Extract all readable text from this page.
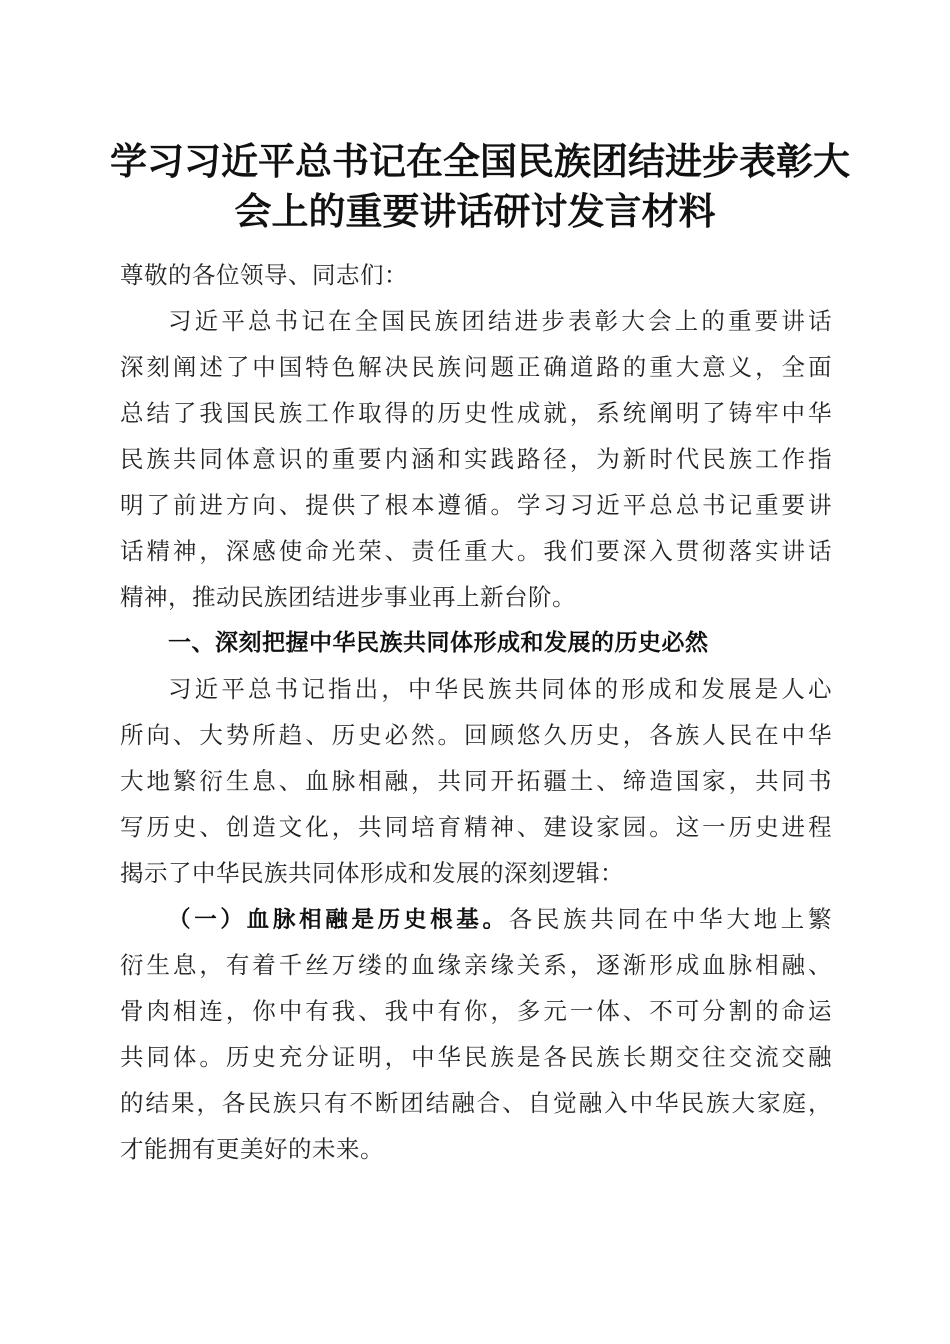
学习习近平总书记在全国民族团结进步表彰大
会上的重要讲话研讨发言材料
尊敬的各位领导、同志们：
习近平总书记在全国民族团结进步表彰大会上的重要讲话
深刻阐述了中国特色解决民族问题正确道路的重大意义，全面
总结了我国民族工作取得的历史性成就，系统阐明了铸牢中华
民族共同体意识的重要内涵和实践路径，为新时代民族工作指
明了前进方向、提供了根本遵循。学习习近平总总书记重要讲
话精神，深感使命光荣、责任重大。我们要深入贯彻落实讲话
精神，推动民族团结进步事业再上新台阶。
一、深刻把握中华民族共同体形成和发展的历史必然
习近平总书记指出，中华民族共同体的形成和发展是人心
所向、大势所趋、历史必然。回顾悠久历史，各族人民在中华
大地繁衍生息、血脉相融，共同开拓疆土、缔造国家，共同书
写历史、创造文化，共同培育精神、建设家园。这一历史进程
揭示了中华民族共同体形成和发展的深刻逻辑：
（一）血脉相融是历史根基。各民族共同在中华大地上繁
衍生息，有着千丝万缕的血缘亲缘关系，逐渐形成血脉相融、
骨肉相连，你中有我、我中有你，多元一体、不可分割的命运
共同体。历史充分证明，中华民族是各民族长期交往交流交融
的结果，各民族只有不断团结融合、自觉融入中华民族大家庭，
才能拥有更美好的未来。
